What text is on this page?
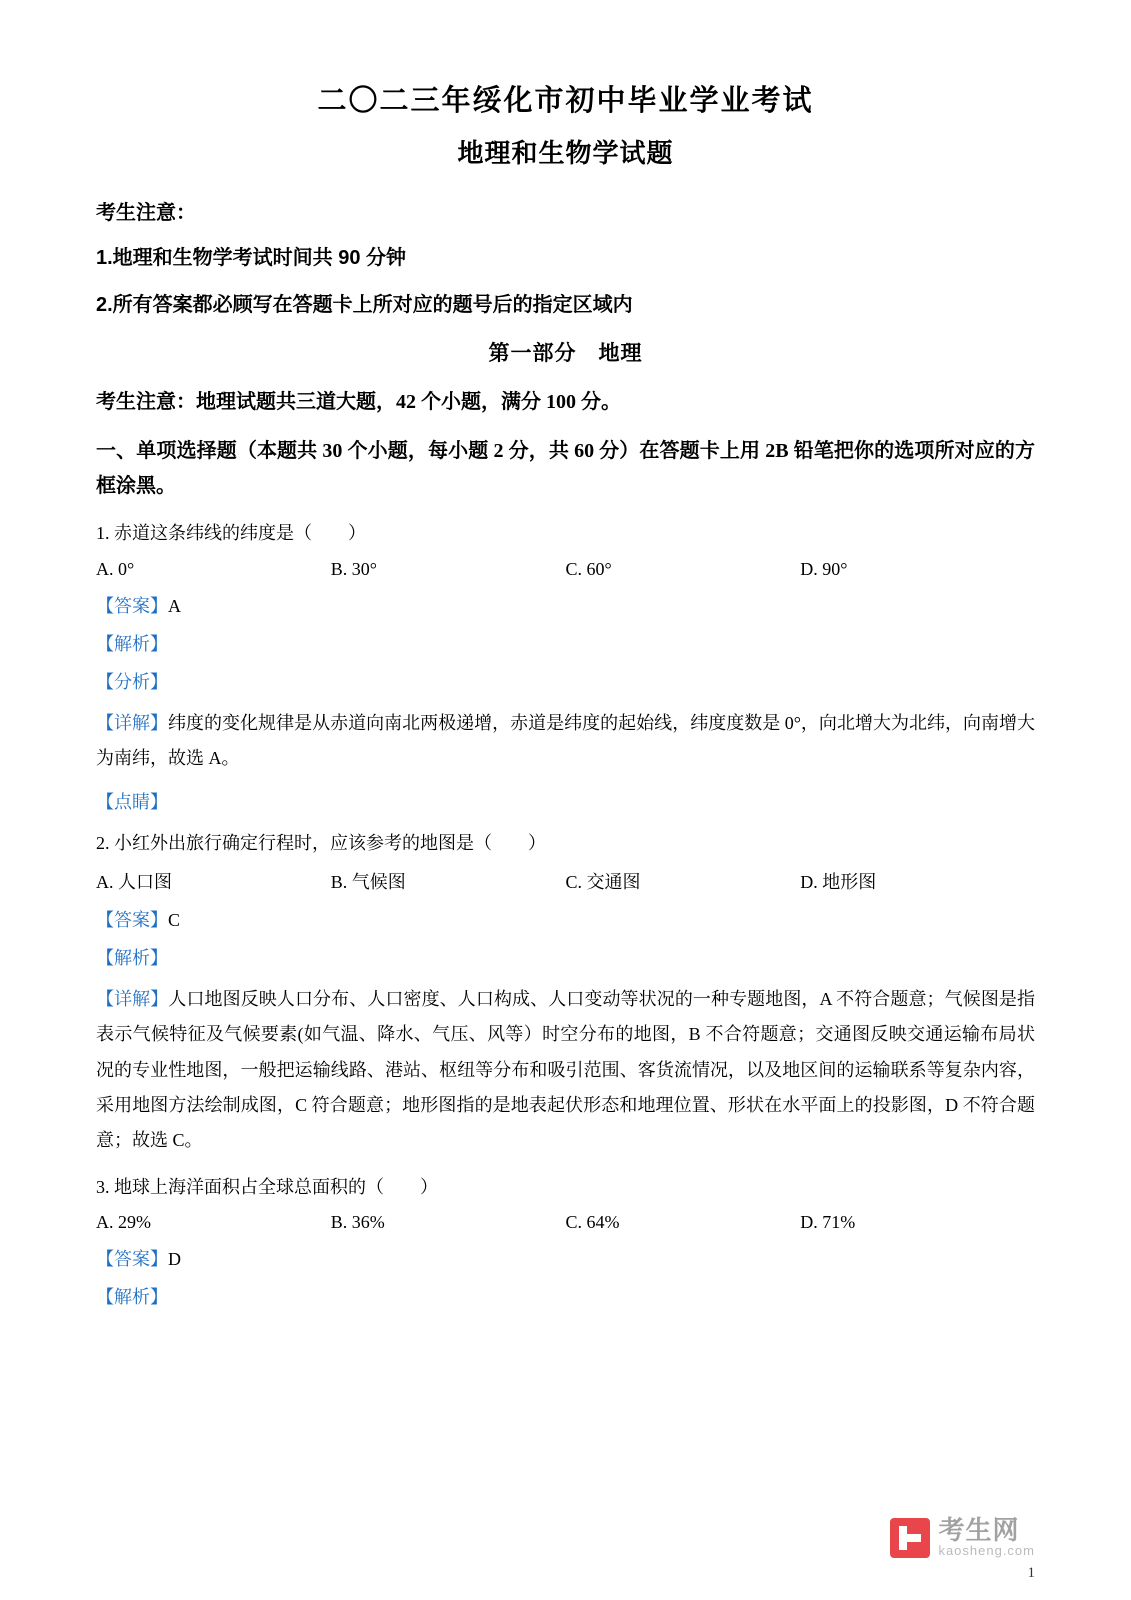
二〇二三年绥化市初中毕业学业考试
地理和生物学试题
考生注意：
1.地理和生物学考试时间共 90 分钟
2.所有答案都必顾写在答题卡上所对应的题号后的指定区域内
第一部分　地理
考生注意：地理试题共三道大题，42 个小题，满分 100 分。
一、单项选择题（本题共 30 个小题，每小题 2 分，共 60 分）在答题卡上用 2B 铅笔把你的选项所对应的方框涂黑。
1. 赤道这条纬线的纬度是（　　）
A. 0°	B. 30°	C. 60°	D. 90°
【答案】A
【解析】
【分析】
【详解】纬度的变化规律是从赤道向南北两极递增，赤道是纬度的起始线，纬度度数是 0°，向北增大为北纬，向南增大为南纬，故选 A。
【点睛】
2. 小红外出旅行确定行程时，应该参考的地图是（　　）
A. 人口图	B. 气候图	C. 交通图	D. 地形图
【答案】C
【解析】
【详解】人口地图反映人口分布、人口密度、人口构成、人口变动等状况的一种专题地图，A 不符合题意；气候图是指表示气候特征及气候要素(如气温、降水、气压、风等）时空分布的地图，B 不合符题意；交通图反映交通运输布局状况的专业性地图，一般把运输线路、港站、枢纽等分布和吸引范围、客货流情况，以及地区间的运输联系等复杂内容，采用地图方法绘制成图，C 符合题意；地形图指的是地表起伏形态和地理位置、形状在水平面上的投影图，D 不符合题意；故选 C。
3. 地球上海洋面积占全球总面积的（　　）
A. 29%	B. 36%	C. 64%	D. 71%
【答案】D
【解析】
考生网
kaosheng.com
1
